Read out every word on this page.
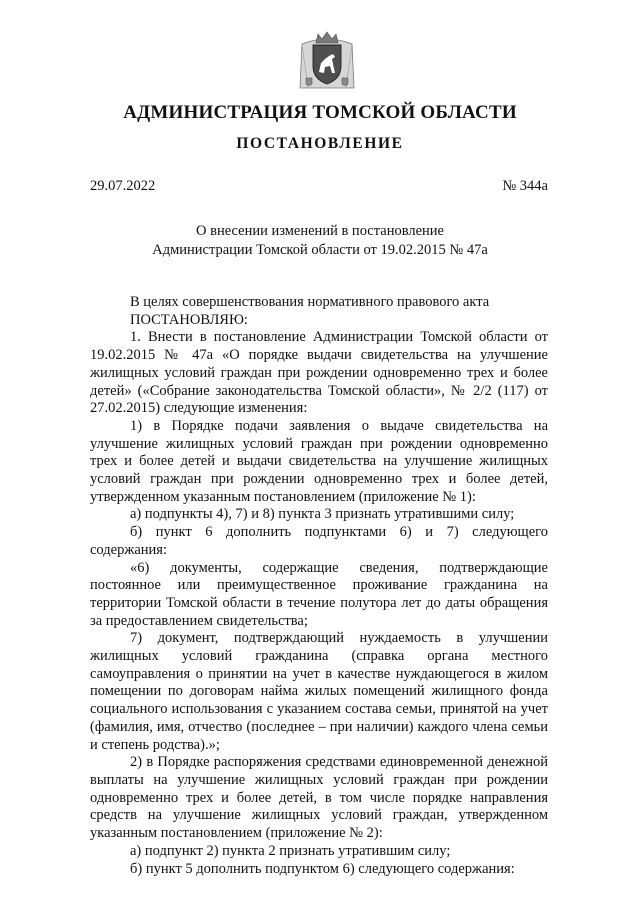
АДМИНИСТРАЦИЯ ТОМСКОЙ ОБЛАСТИ
ПОСТАНОВЛЕНИЕ
29.07.2022	№ 344а
О внесении изменений в постановление
Администрации Томской области от 19.02.2015 № 47а

В целях совершенствования нормативного правового акта

ПОСТАНОВЛЯЮ:

1. Внести в постановление Администрации Томской области от 19.02.2015 № 47а «О порядке выдачи свидетельства на улучшение жилищных условий граждан при рождении одновременно трех и более детей» («Собрание законодательства Томской области», № 2/2 (117) от 27.02.2015) следующие изменения:

1) в Порядке подачи заявления о выдаче свидетельства на улучшение жилищных условий граждан при рождении одновременно трех и более детей и выдачи свидетельства на улучшение жилищных условий граждан при рождении одновременно трех и более детей, утвержденном указанным постановлением (приложение № 1):

а) подпункты 4), 7) и 8) пункта 3 признать утратившими силу;

б) пункт 6 дополнить подпунктами 6) и 7) следующего содержания:

«6) документы, содержащие сведения, подтверждающие постоянное или преимущественное проживание гражданина на территории Томской области в течение полутора лет до даты обращения за предоставлением свидетельства;

7) документ, подтверждающий нуждаемость в улучшении жилищных условий гражданина (справка органа местного самоуправления о принятии на учет в качестве нуждающегося в жилом помещении по договорам найма жилых помещений жилищного фонда социального использования с указанием состава семьи, принятой на учет (фамилия, имя, отчество (последнее – при наличии) каждого члена семьи и степень родства).»;

2) в Порядке распоряжения средствами единовременной денежной выплаты на улучшение жилищных условий граждан при рождении одновременно трех и более детей, в том числе порядке направления средств на улучшение жилищных условий граждан, утвержденном указанным постановлением (приложение № 2):

а) подпункт 2) пункта 2 признать утратившим силу;

б) пункт 5 дополнить подпунктом 6) следующего содержания:
